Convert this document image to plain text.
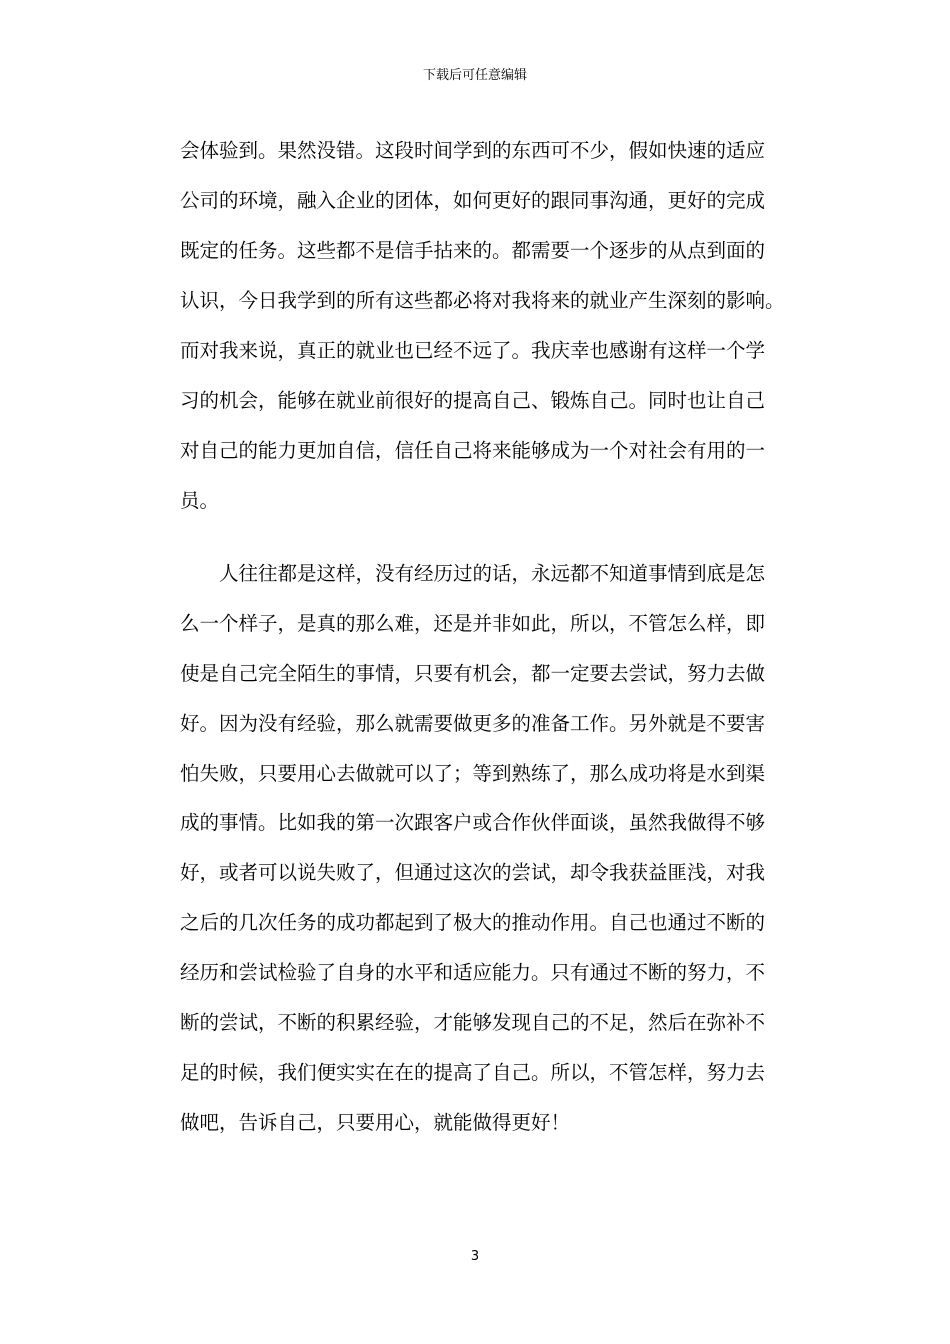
下载后可任意编辑
会体验到。果然没错。这段时间学到的东西可不少，假如快速的适应
公司的环境，融入企业的团体，如何更好的跟同事沟通，更好的完成
既定的任务。这些都不是信手拈来的。都需要一个逐步的从点到面的
认识，今日我学到的所有这些都必将对我将来的就业产生深刻的影响。
而对我来说，真正的就业也已经不远了。我庆幸也感谢有这样一个学
习的机会，能够在就业前很好的提高自己、锻炼自己。同时也让自己
对自己的能力更加自信，信任自己将来能够成为一个对社会有用的一
员。
人往往都是这样，没有经历过的话，永远都不知道事情到底是怎
么一个样子，是真的那么难，还是并非如此，所以，不管怎么样，即
使是自己完全陌生的事情，只要有机会，都一定要去尝试，努力去做
好。因为没有经验，那么就需要做更多的准备工作。另外就是不要害
怕失败，只要用心去做就可以了；等到熟练了，那么成功将是水到渠
成的事情。比如我的第一次跟客户或合作伙伴面谈，虽然我做得不够
好，或者可以说失败了，但通过这次的尝试，却令我获益匪浅，对我
之后的几次任务的成功都起到了极大的推动作用。自己也通过不断的
经历和尝试检验了自身的水平和适应能力。只有通过不断的努力，不
断的尝试，不断的积累经验，才能够发现自己的不足，然后在弥补不
足的时候，我们便实实在在的提高了自己。所以，不管怎样，努力去
做吧，告诉自己，只要用心，就能做得更好！
3
